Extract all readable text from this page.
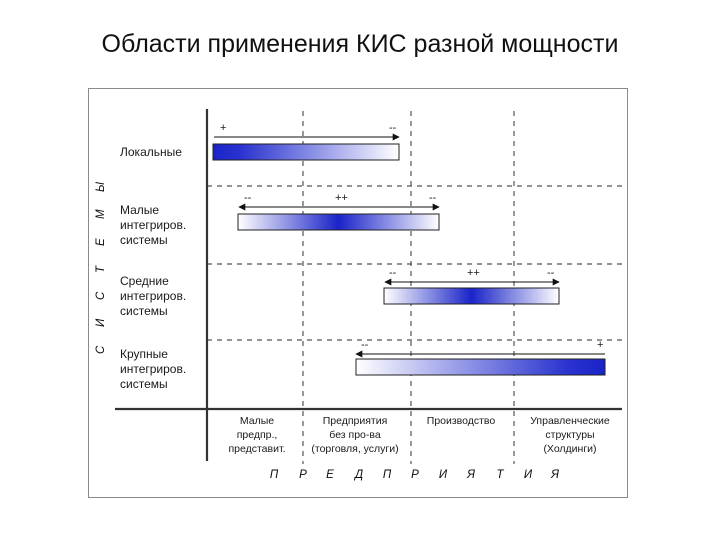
Области применения КИС разной мощности
С
И
С
Т
Е
М
Ы
Локальные
Малые
интегриров.
системы
Средние
интегриров.
системы
Крупные
интегриров.
системы
+	--
--	++	--
--	++	--
--	+
Малые
предпр.,
представит.
Предприятия
без про-ва
(торговля, услуги)
Производство	Управленческие
структуры
(Холдинги)
П Р Е Д П Р И Я Т И Я
